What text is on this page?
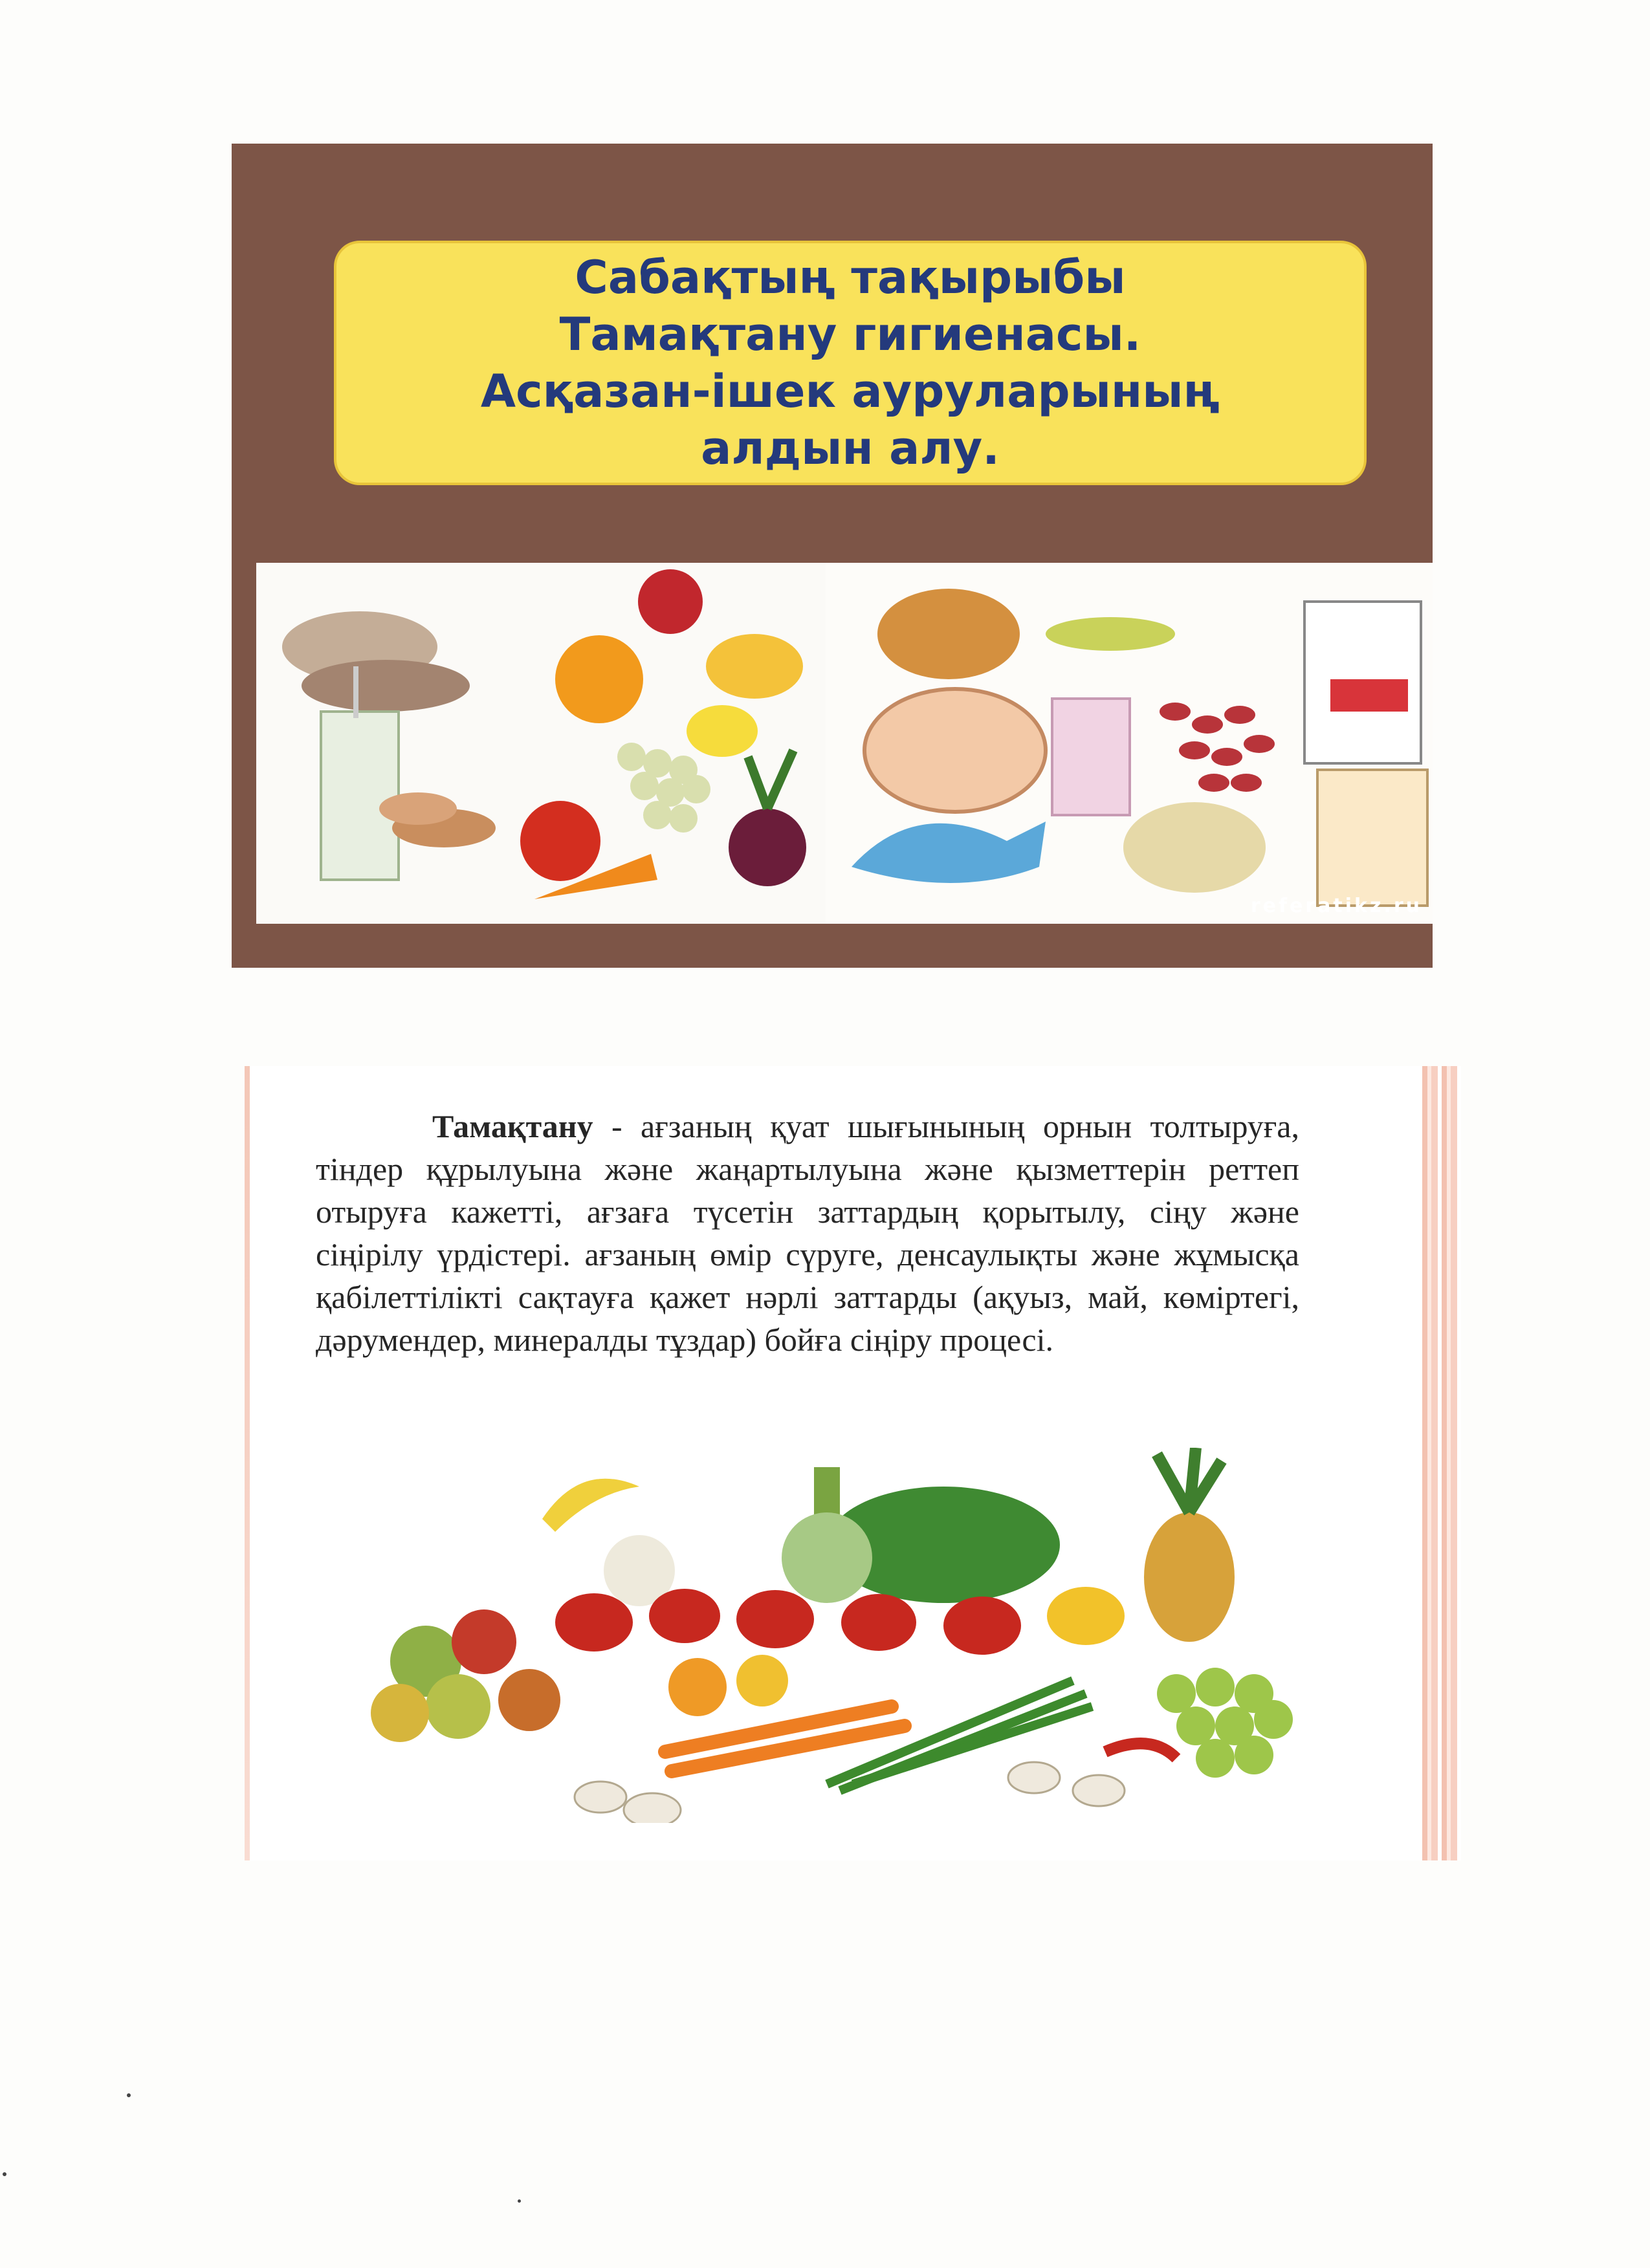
Сабақтың тақырыбы
Тамақтану гигиенасы.
Асқазан-ішек ауруларының
алдын алу.
referatikz.ru
Тамақтану - ағзаның қуат шығынының орнын толтыруға, тіндер құрылуына және жаңартылуына және қызметтерін реттеп отыруға кажетті, ағзаға түсетін заттардың қорытылу, сіңу және сіңірілу үрдістері. ағзаның өмір сүруге, денсаулықты және жұмысқа қабілеттілікті сақтауға қажет нәрлі заттарды (ақуыз, май, көміртегі, дәрумендер, минералды тұздар) бойға сіңіру процесі.
